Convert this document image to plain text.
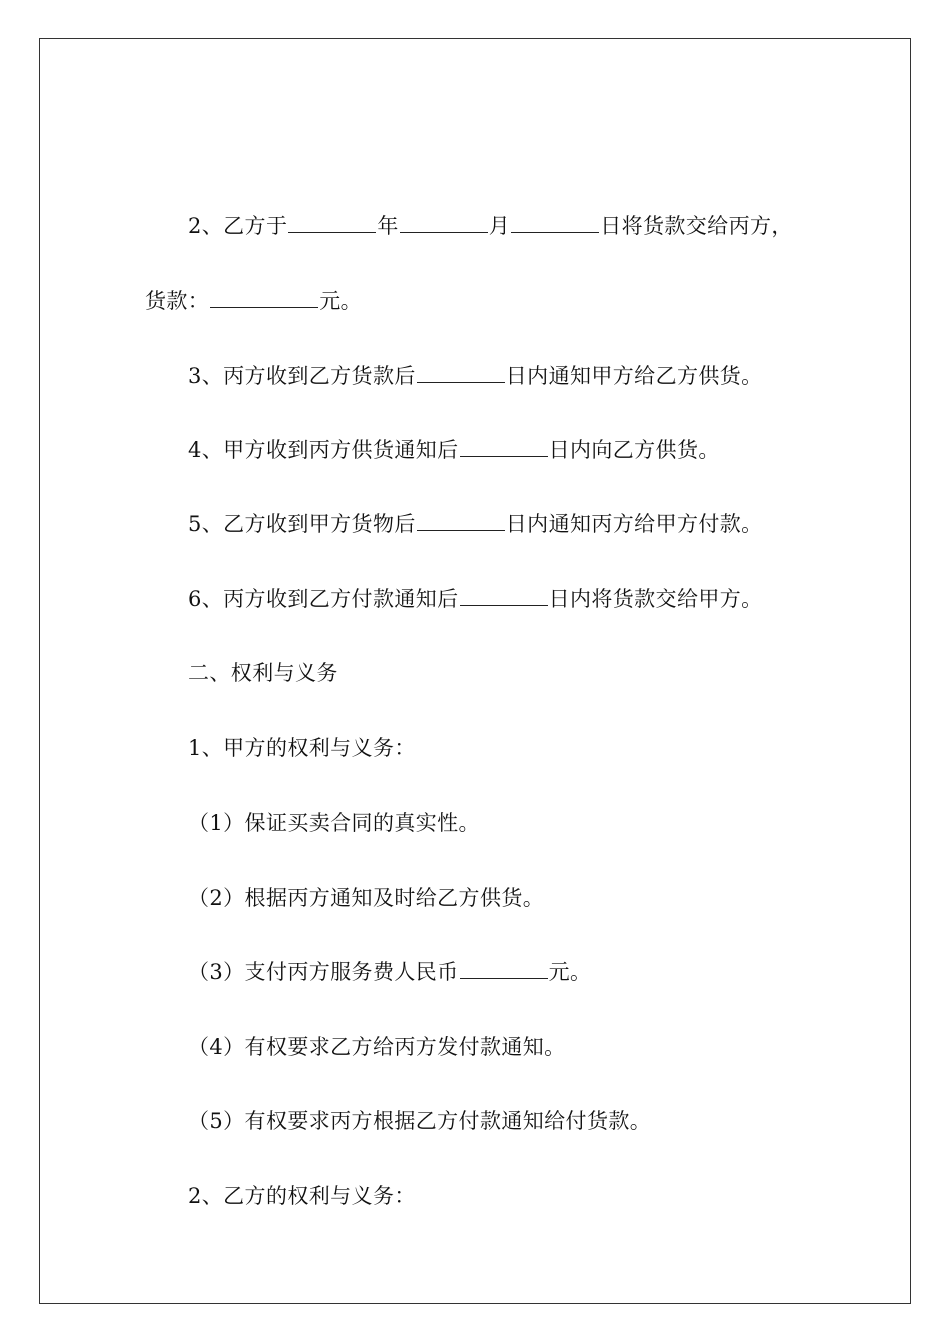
2、乙方于	年	月	日将货款交给丙方，
货款：	元。
3、丙方收到乙方货款后	日内通知甲方给乙方供货。
4、甲方收到丙方供货通知后	日内向乙方供货。
5、乙方收到甲方货物后	日内通知丙方给甲方付款。
6、丙方收到乙方付款通知后	日内将货款交给甲方。
二、权利与义务
1、甲方的权利与义务：
（1）保证买卖合同的真实性。
（2）根据丙方通知及时给乙方供货。
（3）支付丙方服务费人民币	元。
（4）有权要求乙方给丙方发付款通知。
（5）有权要求丙方根据乙方付款通知给付货款。
2、乙方的权利与义务：
